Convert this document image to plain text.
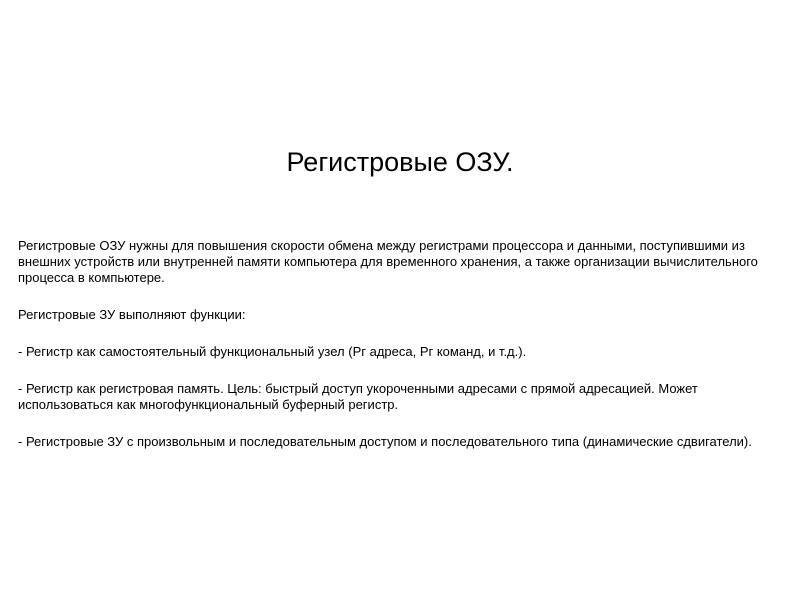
Регистровые ОЗУ.

Регистровые ОЗУ нужны для повышения скорости обмена между регистрами процессора и данными, поступившими из внешних устройств или внутренней памяти компьютера для временного хранения, а также организации вычислительного процесса в компьютере.

Регистровые ЗУ выполняют функции:

- Регистр как самостоятельный функциональный узел (Рг адреса, Рг команд, и т.д.).

- Регистр как регистровая память. Цель: быстрый доступ укороченными адресами с прямой адресацией. Может использоваться как многофункциональный буферный регистр.

- Регистровые ЗУ с произвольным и последовательным доступом и последовательного типа (динамические сдвигатели).
